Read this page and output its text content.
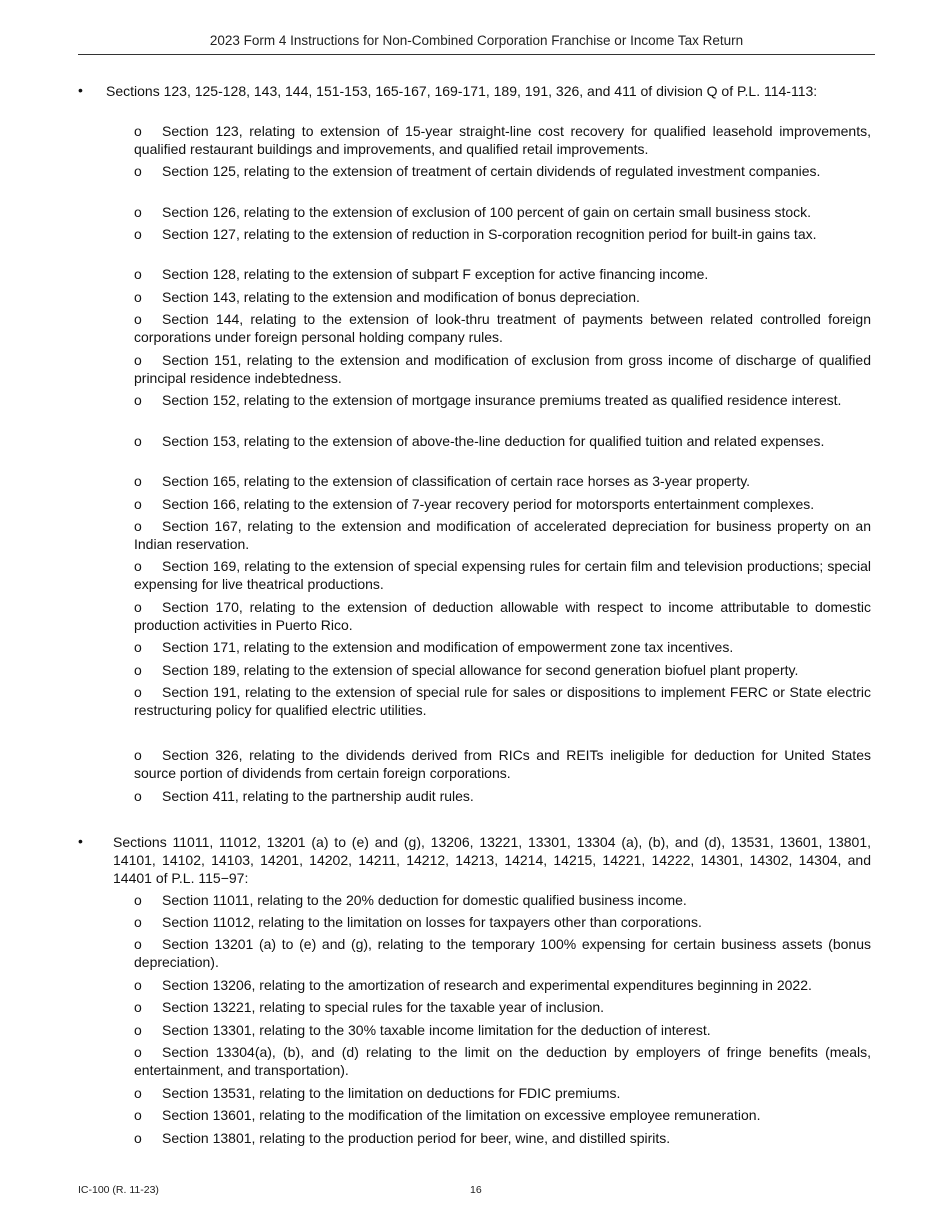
2023 Form 4 Instructions for Non-Combined Corporation Franchise or Income Tax Return
• Sections 123, 125-128, 143, 144, 151-153, 165-167, 169-171, 189, 191, 326, and 411 of division Q of P.L. 114-113:
o Section 123, relating to extension of 15-year straight-line cost recovery for qualified leasehold improvements, qualified restaurant buildings and improvements, and qualified retail improvements.
o Section 125, relating to the extension of treatment of certain dividends of regulated investment companies.
o Section 126, relating to the extension of exclusion of 100 percent of gain on certain small business stock.
o Section 127, relating to the extension of reduction in S-corporation recognition period for built-in gains tax.
o Section 128, relating to the extension of subpart F exception for active financing income.
o Section 143, relating to the extension and modification of bonus depreciation.
o Section 144, relating to the extension of look-thru treatment of payments between related controlled foreign corporations under foreign personal holding company rules.
o Section 151, relating to the extension and modification of exclusion from gross income of discharge of qualified principal residence indebtedness.
o Section 152, relating to the extension of mortgage insurance premiums treated as qualified residence interest.
o Section 153, relating to the extension of above-the-line deduction for qualified tuition and related expenses.
o Section 165, relating to the extension of classification of certain race horses as 3-year property.
o Section 166, relating to the extension of 7-year recovery period for motorsports entertainment complexes.
o Section 167, relating to the extension and modification of accelerated depreciation for business property on an Indian reservation.
o Section 169, relating to the extension of special expensing rules for certain film and television productions; special expensing for live theatrical productions.
o Section 170, relating to the extension of deduction allowable with respect to income attributable to domestic production activities in Puerto Rico.
o Section 171, relating to the extension and modification of empowerment zone tax incentives.
o Section 189, relating to the extension of special allowance for second generation biofuel plant property.
o Section 191, relating to the extension of special rule for sales or dispositions to implement FERC or State electric restructuring policy for qualified electric utilities.
o Section 326, relating to the dividends derived from RICs and REITs ineligible for deduction for United States source portion of dividends from certain foreign corporations.
o Section 411, relating to the partnership audit rules.
• Sections 11011, 11012, 13201 (a) to (e) and (g), 13206, 13221, 13301, 13304 (a), (b), and (d), 13531, 13601, 13801, 14101, 14102, 14103, 14201, 14202, 14211, 14212, 14213, 14214, 14215, 14221, 14222, 14301, 14302, 14304, and 14401 of P.L. 115−97:
o Section 11011, relating to the 20% deduction for domestic qualified business income.
o Section 11012, relating to the limitation on losses for taxpayers other than corporations.
o Section 13201 (a) to (e) and (g), relating to the temporary 100% expensing for certain business assets (bonus depreciation).
o Section 13206, relating to the amortization of research and experimental expenditures beginning in 2022.
o Section 13221, relating to special rules for the taxable year of inclusion.
o Section 13301, relating to the 30% taxable income limitation for the deduction of interest.
o Section 13304(a), (b), and (d) relating to the limit on the deduction by employers of fringe benefits (meals, entertainment, and transportation).
o Section 13531, relating to the limitation on deductions for FDIC premiums.
o Section 13601, relating to the modification of the limitation on excessive employee remuneration.
o Section 13801, relating to the production period for beer, wine, and distilled spirits.
IC-100 (R. 11-23)	16
